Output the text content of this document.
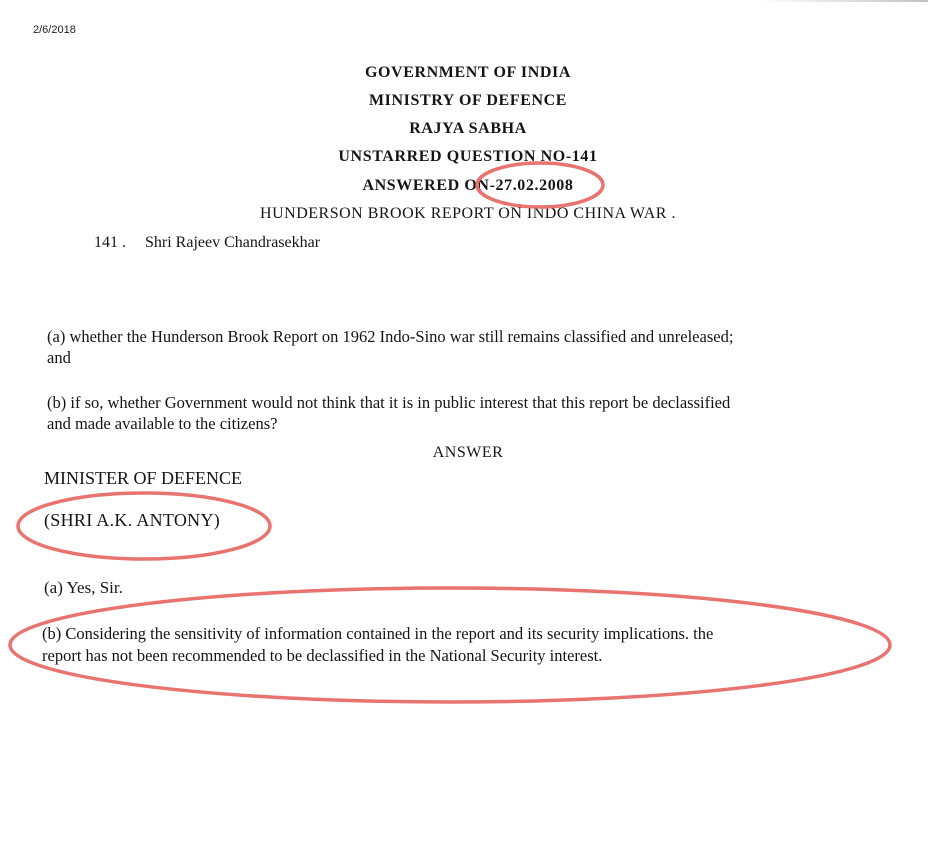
2/6/2018
GOVERNMENT OF INDIA
MINISTRY OF DEFENCE
RAJYA SABHA
UNSTARRED QUESTION NO-141
ANSWERED ON-27.02.2008
HUNDERSON BROOK REPORT ON INDO CHINA WAR .
141 . Shri Rajeev Chandrasekhar
(a) whether the Hunderson Brook Report on 1962 Indo-Sino war still remains classified and unreleased;
and
(b) if so, whether Government would not think that it is in public interest that this report be declassified
and made available to the citizens?
ANSWER
MINISTER OF DEFENCE
(SHRI A.K. ANTONY)
(a) Yes, Sir.
(b) Considering the sensitivity of information contained in the report and its security implications. the
report has not been recommended to be declassified in the National Security interest.
